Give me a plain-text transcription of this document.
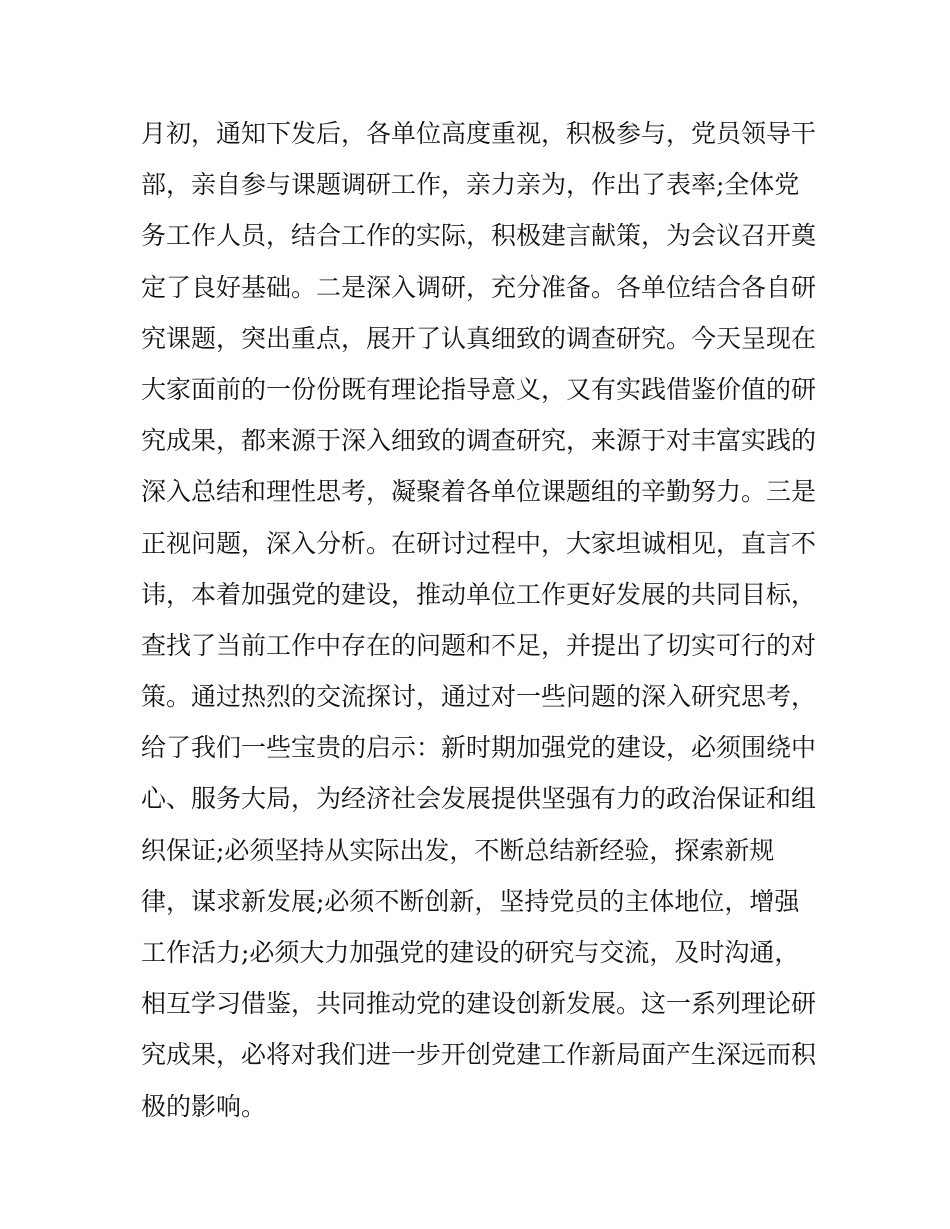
月初，通知下发后，各单位高度重视，积极参与，党员领导干
部，亲自参与课题调研工作，亲力亲为，作出了表率;全体党
务工作人员，结合工作的实际，积极建言献策，为会议召开奠
定了良好基础。二是深入调研，充分准备。各单位结合各自研
究课题，突出重点，展开了认真细致的调查研究。今天呈现在
大家面前的一份份既有理论指导意义，又有实践借鉴价值的研
究成果，都来源于深入细致的调查研究，来源于对丰富实践的
深入总结和理性思考，凝聚着各单位课题组的辛勤努力。三是
正视问题，深入分析。在研讨过程中，大家坦诚相见，直言不
讳，本着加强党的建设，推动单位工作更好发展的共同目标，
查找了当前工作中存在的问题和不足，并提出了切实可行的对
策。通过热烈的交流探讨，通过对一些问题的深入研究思考，
给了我们一些宝贵的启示：新时期加强党的建设，必须围绕中
心、服务大局，为经济社会发展提供坚强有力的政治保证和组
织保证;必须坚持从实际出发，不断总结新经验，探索新规
律，谋求新发展;必须不断创新，坚持党员的主体地位，增强
工作活力;必须大力加强党的建设的研究与交流，及时沟通，
相互学习借鉴，共同推动党的建设创新发展。这一系列理论研
究成果，必将对我们进一步开创党建工作新局面产生深远而积
极的影响。
